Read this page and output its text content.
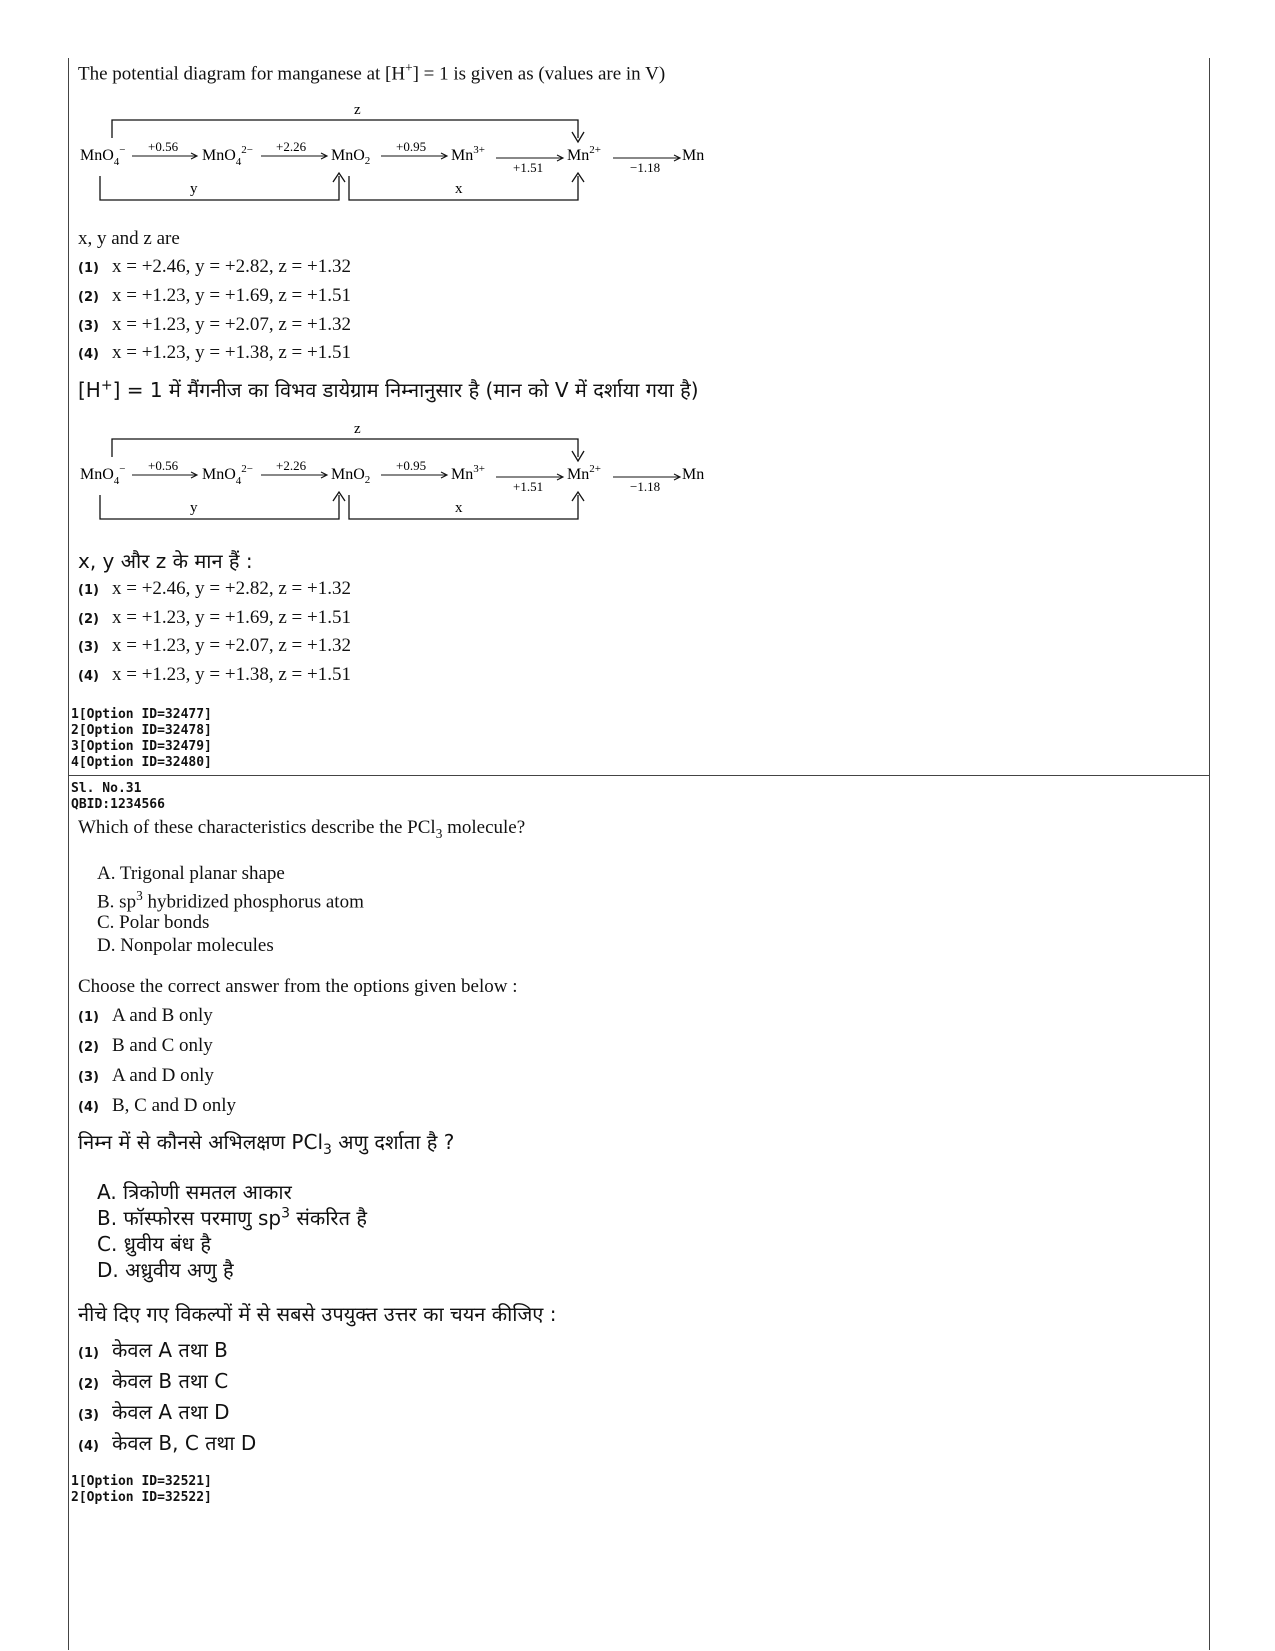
The potential diagram for manganese at [H+] = 1 is given as (values are in V)
z
MnO$_4$−	MnO$_4^{2-}$	MnO$_2$	$Mn^{3+}$	$Mn^{2+}$	Mn
+0.56	+2.26	+0.95
+1.51	−1.18
y	x
x, y and z are
(1) x = +2.46, y = +2.82, z = +1.32
(2) x = +1.23, y = +1.69, z = +1.51
(3) x = +1.23, y = +2.07, z = +1.32
(4) x = +1.23, y = +1.38, z = +1.51
[H+] = 1 में मैंगनीज का विभव डायेग्राम निम्नानुसार है (मान को V में दर्शाया गया है)
z
MnO$_4$−	MnO$_4^{2-}$	MnO$_2$	$Mn^{3+}$	$Mn^{2+}$	Mn
+0.56	+2.26	+0.95
+1.51	−1.18
y	x
x, y और z के मान हैं :
(1) x = +2.46, y = +2.82, z = +1.32
(2) x = +1.23, y = +1.69, z = +1.51
(3) x = +1.23, y = +2.07, z = +1.32
(4) x = +1.23, y = +1.38, z = +1.51
1[Option ID=32477]
2[Option ID=32478]
3[Option ID=32479]
4[Option ID=32480]
Sl. No.31
QBID:1234566
Which of these characteristics describe the PCl$_3$ molecule?
A. Trigonal planar shape
B. $sp^3$ hybridized phosphorus atom
C. Polar bonds
D. Nonpolar molecules
Choose the correct answer from the options given below :
(1) A and B only
(2) B and C only
(3) A and D only
(4) B, C and D only
निम्न में से कौनसे अभिलक्षण PCl$_3$ अणु दर्शाता है ?
A. त्रिकोणी समतल आकार
B. फॉस्फोरस परमाणु $sp^3$ संकरित है
C. ध्रुवीय बंध है
D. अध्रुवीय अणु है
नीचे दिए गए विकल्पों में से सबसे उपयुक्त उत्तर का चयन कीजिए :
(1) केवल A तथा B
(2) केवल B तथा C
(3) केवल A तथा D
(4) केवल B, C तथा D
1[Option ID=32521]
2[Option ID=32522]
